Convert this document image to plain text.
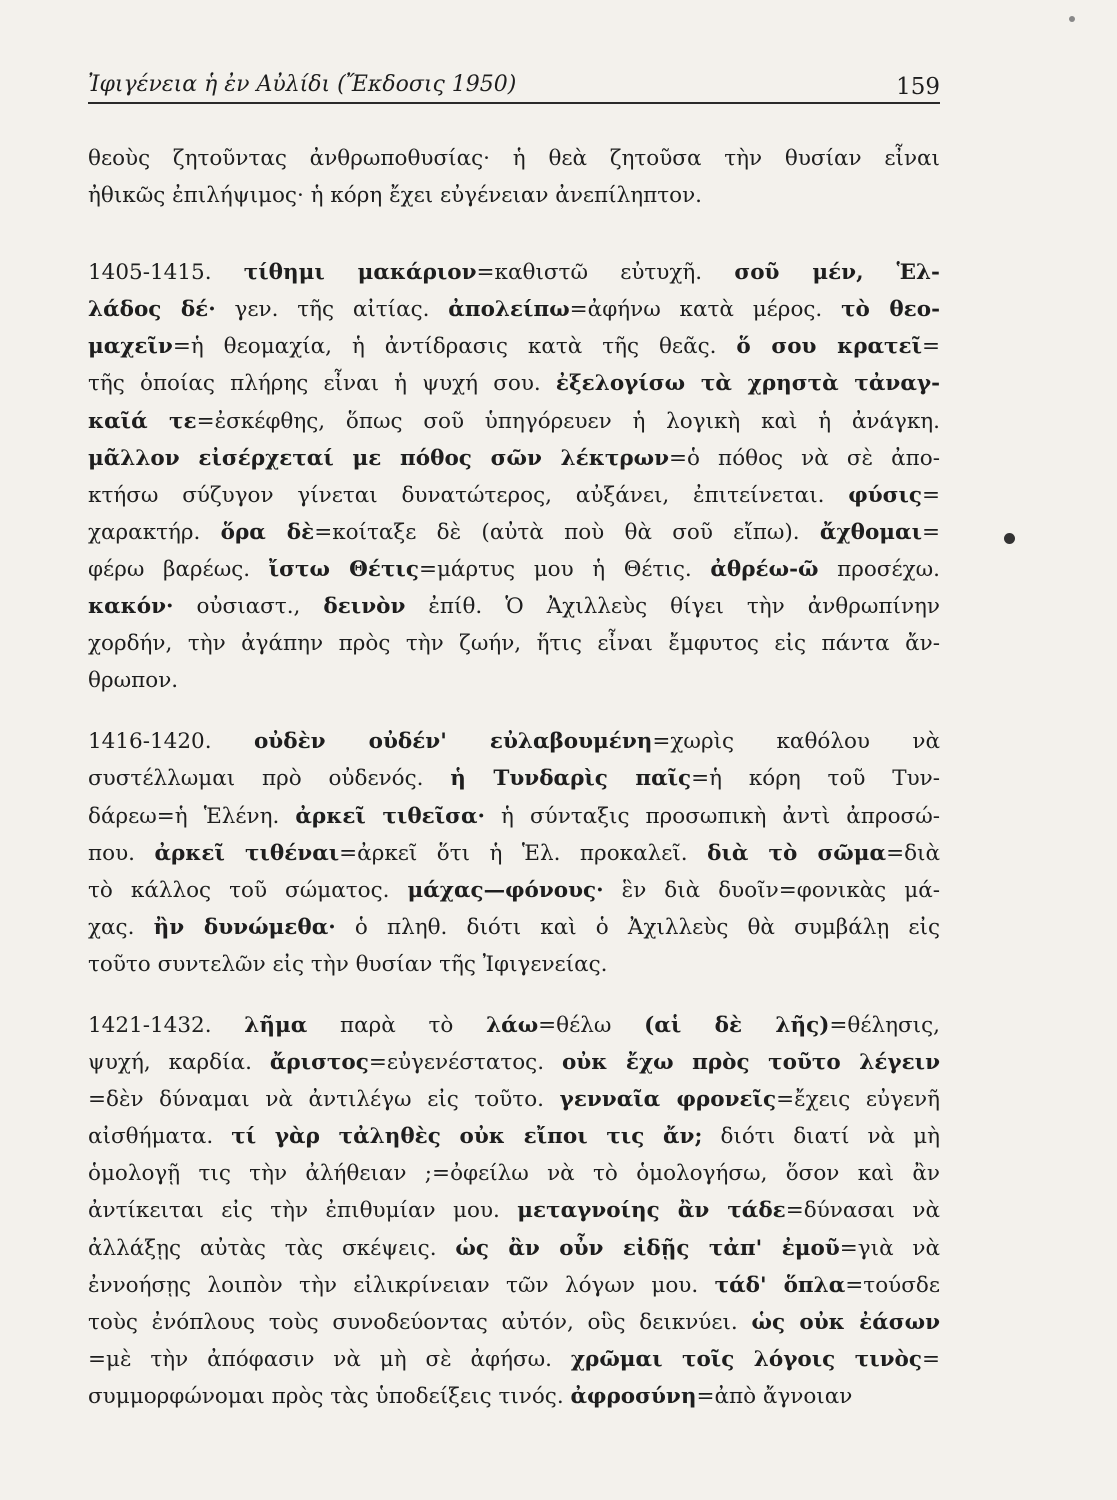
Ἰφιγένεια ἡ ἐν Αὐλίδι (Ἔκδοσις 1950)	159
θεοὺς ζητοῦντας ἀνθρωποθυσίας· ἡ θεὰ ζητοῦσα τὴν θυσίαν εἶναι
ἠθικῶς ἐπιλήψιμος· ἡ κόρη ἔχει εὐγένειαν ἀνεπίληπτον.
1405-1415. τίθημι μακάριον=καθιστῶ εὐτυχῆ. σοῦ μέν, Ἑλ-
λάδος δέ· γεν. τῆς αἰτίας. ἀπολείπω=ἀφήνω κατὰ μέρος. τὸ θεο-
μαχεῖν=ἡ θεομαχία, ἡ ἀντίδρασις κατὰ τῆς θεᾶς. ὅ σου κρατεῖ=
τῆς ὁποίας πλήρης εἶναι ἡ ψυχή σου. ἐξελογίσω τὰ χρηστὰ τἀναγ-
καῖά τε=ἐσκέφθης, ὅπως σοῦ ὑπηγόρευεν ἡ λογικὴ καὶ ἡ ἀνάγκη.
μᾶλλον εἰσέρχεταί με πόθος σῶν λέκτρων=ὁ πόθος νὰ σὲ ἀπο-
κτήσω σύζυγον γίνεται δυνατώτερος, αὐξάνει, ἐπιτείνεται. φύσις=
χαρακτήρ. ὅρα δὲ=κοίταξε δὲ (αὐτὰ ποὺ θὰ σοῦ εἴπω). ἄχθομαι=
φέρω βαρέως. ἴστω Θέτις=μάρτυς μου ἡ Θέτις. ἀθρέω-ῶ προσέχω.
κακόν· οὐσιαστ., δεινὸν ἐπίθ. Ὁ Ἀχιλλεὺς θίγει τὴν ἀνθρωπίνην
χορδήν, τὴν ἀγάπην πρὸς τὴν ζωήν, ἥτις εἶναι ἔμφυτος εἰς πάντα ἄν-
θρωπον.
1416-1420. οὐδὲν οὐδέν' εὐλαβουμένη=χωρὶς καθόλου νὰ
συστέλλωμαι πρὸ οὐδενός. ἡ Τυνδαρὶς παῖς=ἡ κόρη τοῦ Τυν-
δάρεω=ἡ Ἑλένη. ἀρκεῖ τιθεῖσα· ἡ σύνταξις προσωπικὴ ἀντὶ ἀπροσώ-
που. ἀρκεῖ τιθέναι=ἀρκεῖ ὅτι ἡ Ἑλ. προκαλεῖ. διὰ τὸ σῶμα=διὰ
τὸ κάλλος τοῦ σώματος. μάχας—φόνους· ἓν διὰ δυοῖν=φονικὰς μά-
χας. ἢν δυνώμεθα· ὁ πληθ. διότι καὶ ὁ Ἀχιλλεὺς θὰ συμβάλῃ εἰς
τοῦτο συντελῶν εἰς τὴν θυσίαν τῆς Ἰφιγενείας.
1421-1432. λῆμα παρὰ τὸ λάω=θέλω (αἱ δὲ λῆς)=θέλησις,
ψυχή, καρδία. ἄριστος=εὐγενέστατος. οὐκ ἔχω πρὸς τοῦτο λέγειν
=δὲν δύναμαι νὰ ἀντιλέγω εἰς τοῦτο. γενναῖα φρονεῖς=ἔχεις εὐγενῆ
αἰσθήματα. τί γὰρ τἀληθὲς οὐκ εἴποι τις ἄν; διότι διατί νὰ μὴ
ὁμολογῇ τις τὴν ἀλήθειαν ;=ὀφείλω νὰ τὸ ὁμολογήσω, ὅσον καὶ ἂν
ἀντίκειται εἰς τὴν ἐπιθυμίαν μου. μεταγνοίης ἂν τάδε=δύνασαι νὰ
ἀλλάξῃς αὐτὰς τὰς σκέψεις. ὡς ἂν οὖν εἰδῇς τἀπ' ἐμοῦ=γιὰ νὰ
ἐννοήσῃς λοιπὸν τὴν εἰλικρίνειαν τῶν λόγων μου. τάδ' ὅπλα=τούσδε
τοὺς ἐνόπλους τοὺς συνοδεύοντας αὐτόν, οὓς δεικνύει. ὡς οὐκ ἐάσων
=μὲ τὴν ἀπόφασιν νὰ μὴ σὲ ἀφήσω. χρῶμαι τοῖς λόγοις τινὸς=
συμμορφώνομαι πρὸς τὰς ὑποδείξεις τινός. ἀφροσύνη=ἀπὸ ἄγνοιαν
